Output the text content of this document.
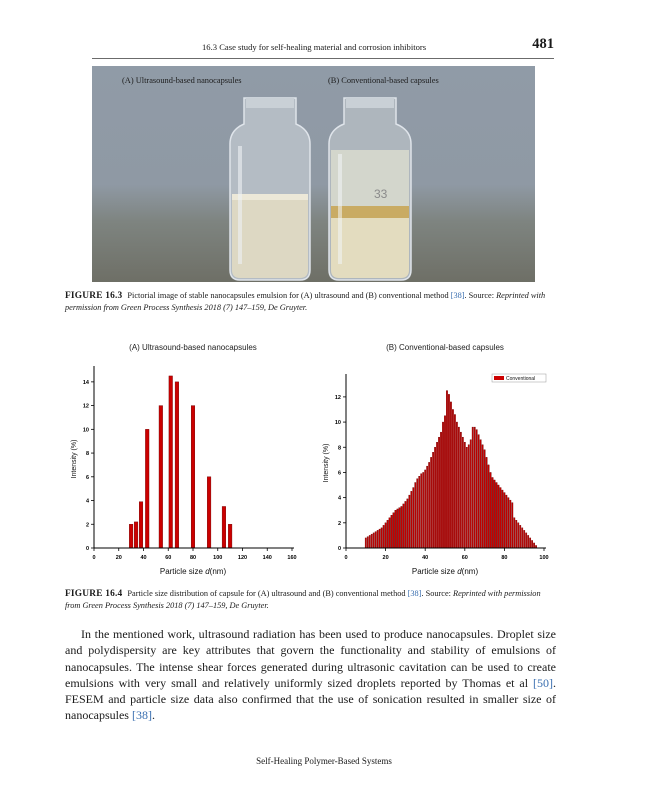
16.3 Case study for self-healing material and corrosion inhibitors	481
(A) Ultrasound-based nanocapsules	(B) Conventional-based capsules
33
FIGURE 16.3 Pictorial image of stable nanocapsules emulsion for (A) ultrasound and (B) conventional method [38]. Source: Reprinted with permission from Green Process Synthesis 2018 (7) 147–159, De Gruyter.
(A) Ultrasound-based nanocapsules
0	20	40	60	80	100	120	140	160
0
2
4
6
8
10
12
14
Particle size d(nm)
Intensity (%)
(B) Conventional-based capsules
0	20	40	60	80	100
0
2
4
6
8
10
12
Particle size d(nm)
Intensity (%)
Conventional
FIGURE 16.4 Particle size distribution of capsule for (A) ultrasound and (B) conventional method [38]. Source: Reprinted with permission from Green Process Synthesis 2018 (7) 147–159, De Gruyter.
In the mentioned work, ultrasound radiation has been used to produce nanocapsules. Droplet size and polydispersity are key attributes that govern the functionality and stability of emulsions of nanocapsules. The intense shear forces generated during ultrasonic cavitation can be used to create emulsions with very small and relatively uniformly sized droplets reported by Thomas et al [50]. FESEM and particle size data also confirmed that the use of sonication resulted in smaller size of nanocapsules [38].
Self-Healing Polymer-Based Systems
